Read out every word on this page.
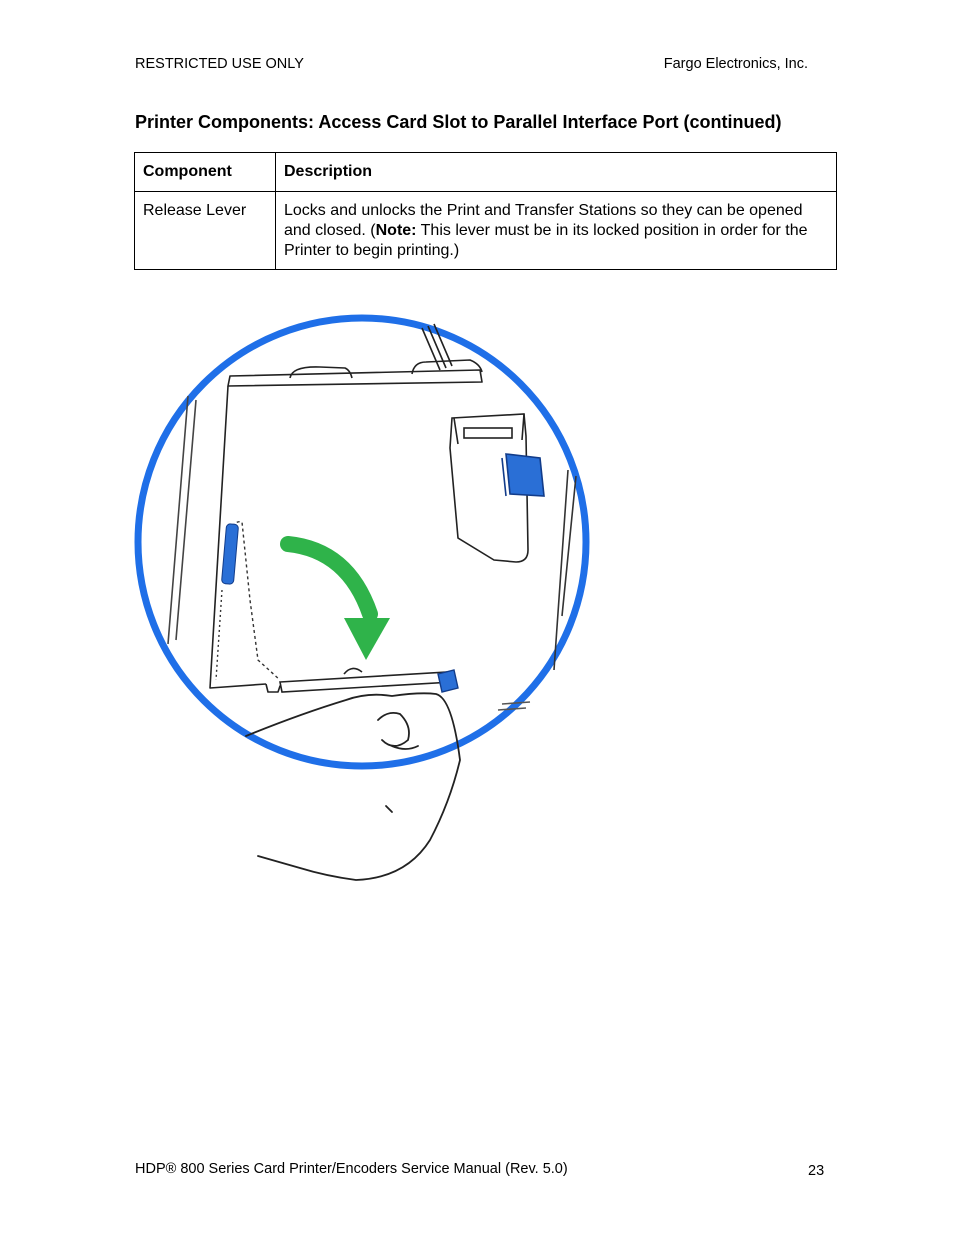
RESTRICTED USE ONLY	Fargo Electronics, Inc.
Printer Components: Access Card Slot to Parallel Interface Port (continued)
Component	Description
Release Lever	Locks and unlocks the Print and Transfer Stations so they can be opened and closed. (Note: This lever must be in its locked position in order for the Printer to begin printing.)
HDP® 800 Series Card Printer/Encoders Service Manual (Rev. 5.0)	23
